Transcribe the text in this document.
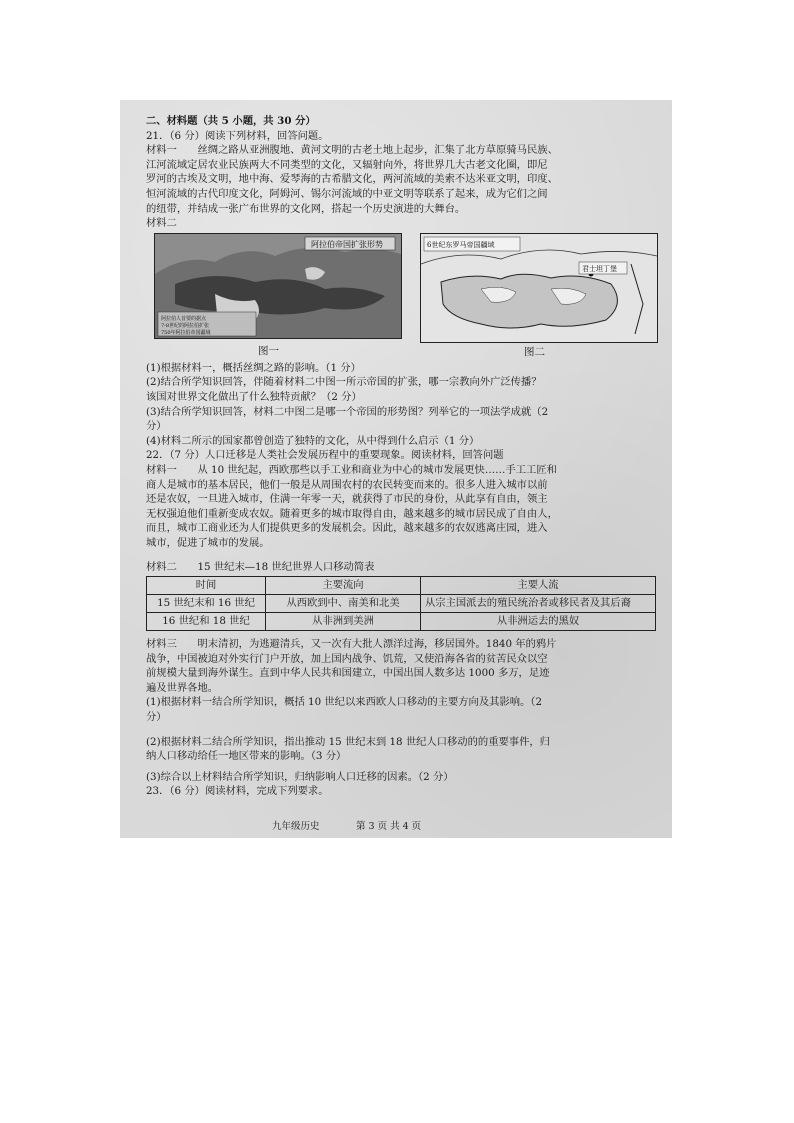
二、材料题（共 5 小题，共 30 分）
21．（6 分）阅读下列材料，回答问题。
材料一　　丝绸之路从亚洲腹地、黄河文明的古老土地上起步，汇集了北方草原骑马民族、
江河流域定居农业民族两大不同类型的文化，又辐射向外，将世界几大古老文化圈，即尼
罗河的古埃及文明，地中海、爱琴海的古希腊文化，两河流域的美索不达米亚文明，印度、
恒河流域的古代印度文化，阿姆河、锡尔河流域的中亚文明等联系了起来，成为它们之间
的纽带，并结成一张广布世界的文化网，搭起一个历史演进的大舞台。
材料二
阿拉伯帝国扩张形势
阿拉伯人首要的据点
7-8世纪的阿拉伯扩张
750年阿拉伯帝国疆域
6世纪东罗马帝国疆域
君士坦丁堡
图一	图二
(1)根据材料一，概括丝绸之路的影响。（1 分）
(2)结合所学知识回答，伴随着材料二中图一所示帝国的扩张，哪一宗教向外广泛传播？
该国对世界文化做出了什么独特贡献？（2 分）
(3)结合所学知识回答，材料二中图二是哪一个帝国的形势图？列举它的一项法学成就（2
分）
(4)材料二所示的国家都曾创造了独特的文化，从中得到什么启示（1 分）
22．（7 分）人口迁移是人类社会发展历程中的重要现象。阅读材料，回答问题
材料一　　从 10 世纪起，西欧那些以手工业和商业为中心的城市发展更快……手工工匠和
商人是城市的基本居民，他们一般是从周围农村的农民转变而来的。很多人进入城市以前
还是农奴，一旦进入城市，住满一年零一天，就获得了市民的身份，从此享有自由，领主
无权强迫他们重新变成农奴。随着更多的城市取得自由，越来越多的城市居民成了自由人，
而且，城市工商业还为人们提供更多的发展机会。因此，越来越多的农奴逃离庄园，进入
城市，促进了城市的发展。
材料二　　15 世纪末—18 世纪世界人口移动简表
时间	主要流向	主要人流
15 世纪末和 16 世纪	从西欧到中、南美和北美	从宗主国派去的殖民统治者或移民者及其后裔
16 世纪和 18 世纪	从非洲到美洲	从非洲运去的黑奴
材料三　　明末清初，为逃避清兵，又一次有大批人漂洋过海，移居国外。1840 年的鸦片
战争，中国被迫对外实行门户开放，加上国内战争、饥荒，又使沿海各省的贫苦民众以空
前规模大量到海外谋生。直到中华人民共和国建立，中国出国人数多达 1000 多万，足迹
遍及世界各地。
(1)根据材料一结合所学知识，概括 10 世纪以来西欧人口移动的主要方向及其影响。（2
分）
(2)根据材料二结合所学知识，指出推动 15 世纪末到 18 世纪人口移动的的重要事件，归
纳人口移动给任一地区带来的影响。（3 分）
(3)综合以上材料结合所学知识，归纳影响人口迁移的因素。（2 分）
23．（6 分）阅读材料，完成下列要求。
九年级历史	第 3 页 共 4 页
